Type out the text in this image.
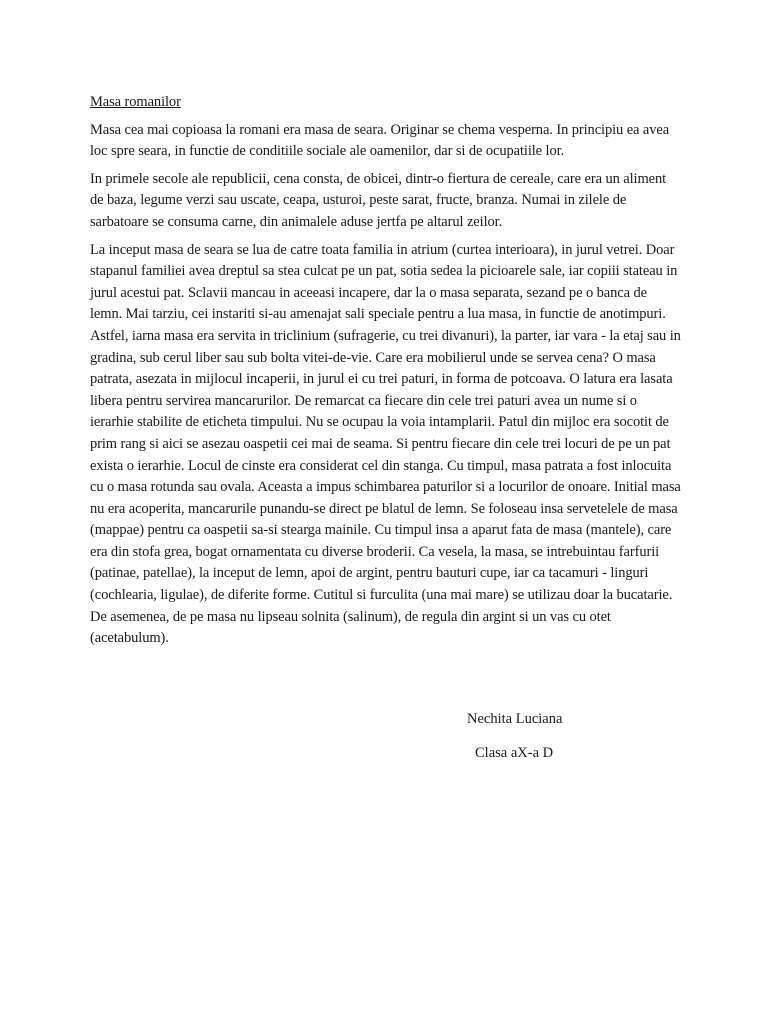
Masa romanilor
Masa cea mai copioasa la romani era masa de seara. Originar se chema vesperna. In principiu ea avea loc spre seara, in functie de conditiile sociale ale oamenilor, dar si de ocupatiile lor.
In primele secole ale republicii, cena consta, de obicei, dintr-o fiertura de cereale, care era un aliment de baza, legume verzi sau uscate, ceapa, usturoi, peste sarat, fructe, branza. Numai in zilele de sarbatoare se consuma carne, din animalele aduse jertfa pe altarul zeilor.
La inceput masa de seara se lua de catre toata familia in atrium (curtea interioara), in jurul vetrei. Doar stapanul familiei avea dreptul sa stea culcat pe un pat, sotia sedea la picioarele sale, iar copiii stateau in jurul acestui pat. Sclavii mancau in aceeasi incapere, dar la o masa separata, sezand pe o banca de lemn. Mai tarziu, cei instariti si-au amenajat sali speciale pentru a lua masa, in functie de anotimpuri. Astfel, iarna masa era servita in triclinium (sufragerie, cu trei divanuri), la parter, iar vara - la etaj sau in gradina, sub cerul liber sau sub bolta vitei-de-vie. Care era mobilierul unde se servea cena? O masa patrata, asezata in mijlocul incaperii, in jurul ei cu trei paturi, in forma de potcoava. O latura era lasata libera pentru servirea mancarurilor. De remarcat ca fiecare din cele trei paturi avea un nume si o ierarhie stabilite de eticheta timpului. Nu se ocupau la voia intamplarii. Patul din mijloc era socotit de prim rang si aici se asezau oaspetii cei mai de seama. Si pentru fiecare din cele trei locuri de pe un pat exista o ierarhie. Locul de cinste era considerat cel din stanga. Cu timpul, masa patrata a fost inlocuita cu o masa rotunda sau ovala. Aceasta a impus schimbarea paturilor si a locurilor de onoare. Initial masa nu era acoperita, mancarurile punandu-se direct pe blatul de lemn. Se foloseau insa servetelele de masa (mappae) pentru ca oaspetii sa-si stearga mainile. Cu timpul insa a aparut fata de masa (mantele), care era din stofa grea, bogat ornamentata cu diverse broderii. Ca vesela, la masa, se intrebuintau farfurii (patinae, patellae), la inceput de lemn, apoi de argint, pentru bauturi cupe, iar ca tacamuri - linguri (cochlearia, ligulae), de diferite forme. Cutitul si furculita (una mai mare) se utilizau doar la bucatarie. De asemenea, de pe masa nu lipseau solnita (salinum), de regula din argint si un vas cu otet (acetabulum).
Nechita Luciana
Clasa aX-a D
